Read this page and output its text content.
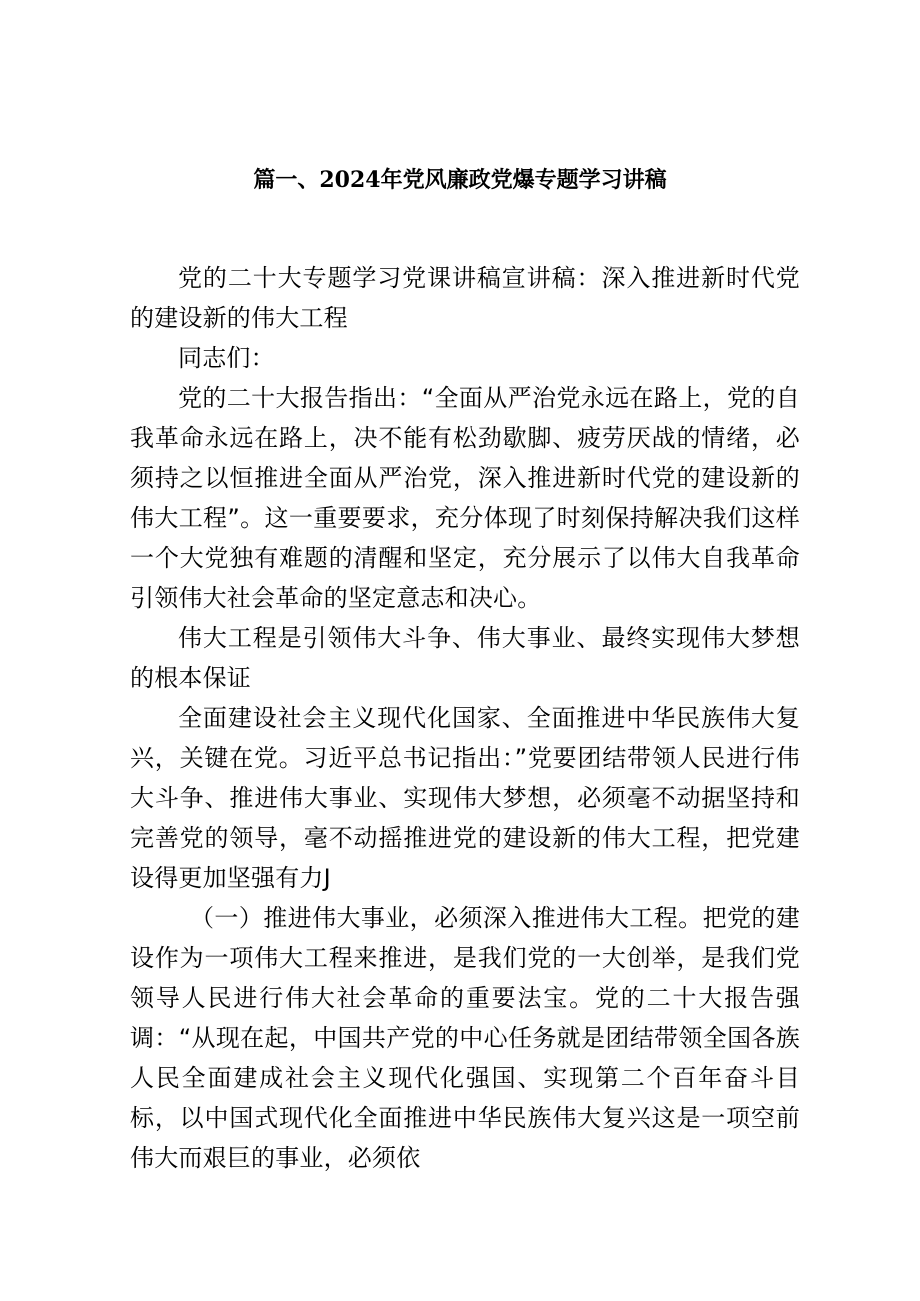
篇一、2024年党风廉政党爆专题学习讲稿

党的二十大专题学习党课讲稿宣讲稿：深入推进新时代党的建设新的伟大工程

同志们：

党的二十大报告指出：“全面从严治党永远在路上，党的自我革命永远在路上，决不能有松劲歇脚、疲劳厌战的情绪，必须持之以恒推进全面从严治党，深入推进新时代党的建设新的伟大工程”。这一重要要求，充分体现了时刻保持解决我们这样一个大党独有难题的清醒和坚定，充分展示了以伟大自我革命引领伟大社会革命的坚定意志和决心。

伟大工程是引领伟大斗争、伟大事业、最终实现伟大梦想的根本保证

全面建设社会主义现代化国家、全面推进中华民族伟大复兴，关键在党。习近平总书记指出：”党要团结带领人民进行伟大斗争、推进伟大事业、实现伟大梦想，必须毫不动据坚持和完善党的领导，毫不动摇推进党的建设新的伟大工程，把党建设得更加坚强有力J

（一）推进伟大事业，必须深入推进伟大工程。把党的建设作为一项伟大工程来推进，是我们党的一大创举，是我们党领导人民进行伟大社会革命的重要法宝。党的二十大报告强调：“从现在起，中国共产党的中心任务就是团结带领全国各族人民全面建成社会主义现代化强国、实现第二个百年奋斗目标，以中国式现代化全面推进中华民族伟大复兴这是一项空前伟大而艰巨的事业，必须依
